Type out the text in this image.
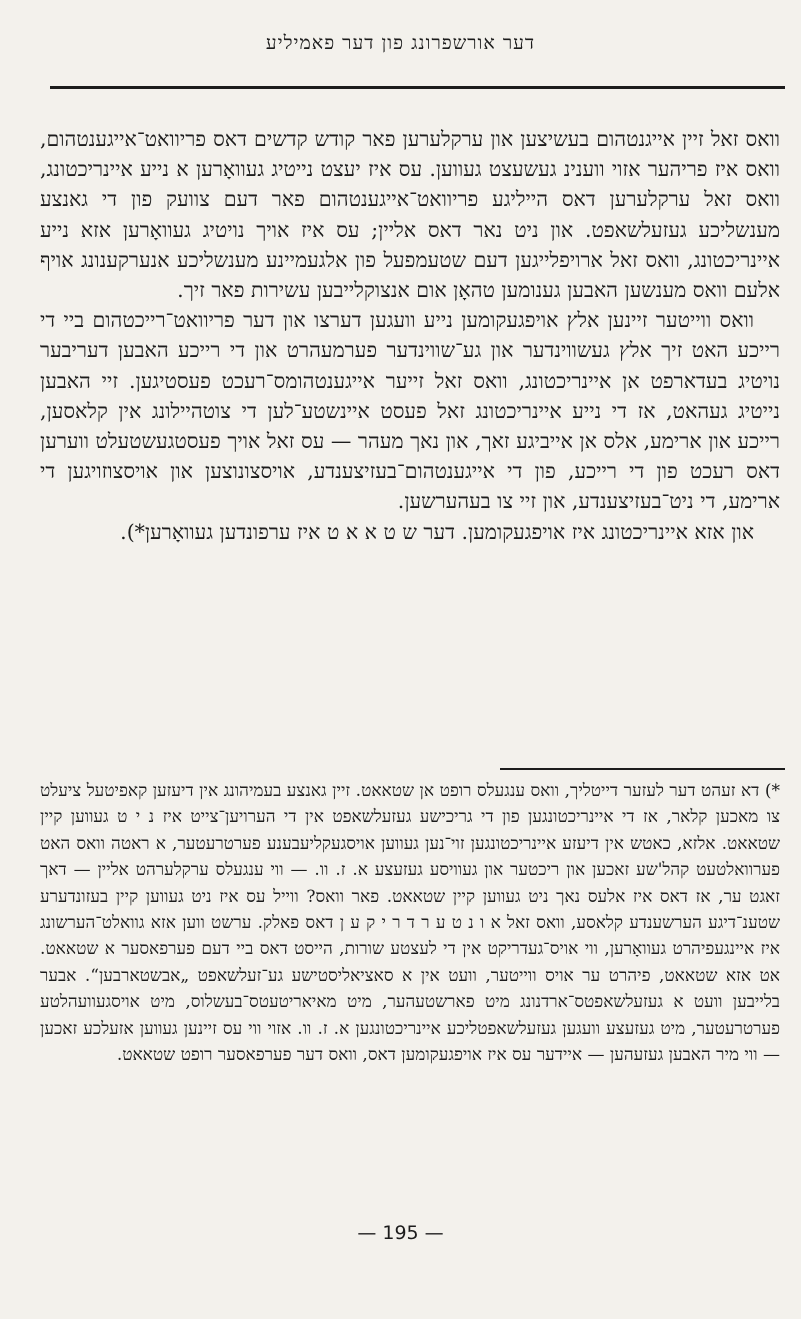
דער אורשפרונג פון דער פאמיליע

וואס זאל זיין אייגנטהום בעשיצען און ערקלערען פאר קודש קדשים דאס פריוואט־אייגענטהום, וואס איז פריהער אזוי ווענינ געשעצט געווען. עס איז יעצט נייטיג געוואָרען א נייע איינריכטונג, וואס זאל ערקלערען דאס הייליגע פריוואט־אייגענטהום פאר דעם צוועק פון די גאנצע מענשליכע געזעלשאפט. און ניט נאר דאס אליין; עס איז אויך נויטיג געוואָרען אזא נייע איינריכטונג, וואס זאל ארויפלייגען דעם שטעמפעל פון אלגעמיינע מענשליכע אנערקענונג אויף אלעם וואס מענשען האבען גענומען טהאָן אום אנצוקלייבען עשירות פאר זיך.

וואס ווייטער זיינען אלץ אויפגעקומען נייע וועגען דערצו און דער פריוואט־רייכטהום ביי די רייכע האט זיך אלץ געשווינדער און גע־שווינדער פערמעהרט און די רייכע האבען דעריבער נויטיג בעדארפט אן איינריכטונג, וואס זאל זייער אייגענטהומס־רעכט פעסטיגען. זיי האבען נייטיג געהאט, אז די נייע איינריכטונג זאל פעסט איינשטע־לען די צוטהיילונג אין קלאסען, רייכע און ארימע, אלס אן אייביגע זאך, און נאך מעהר — עס זאל אויך פעסטגעשטעלט ווערען דאס רעכט פון די רייכע, פון די אייגענטהום־בעזיצענדע, אויסצונוצען און אויסצוזויגען די ארימע, די ניט־בעזיצענדע, און זיי צו בעהערשען.

און אזא איינריכטונג איז אויפגעקומען. דער ש ט א א ט איז ערפונדען געוואָרען*).

*) דא זעהט דער לעזער דייטליך, וואס ענגעלס רופט אן שטאאט. זיין גאנצע בעמיהונג אין דיעזען קאפיטעל ציעלט צו מאכען קלאר, אז די איינריכטונגען פון די גריכישע געזעלשאפט אין די הערויען־צייט איז נ י ט געווען קיין שטאאט. אלזא, כאטש אין דיעזע איינריכטונגען זוי־נען געווען אויסגעקליעבענע פערטרעטער, א ראטה וואס האט פערוואלטעט קהל'שע זאכען און ריכטער און געוויסע געזעצע א. ז. וו. — ווי ענגעלס ערקלערהט אליין — דאך זאגט ער, אז דאס איז אלעס נאך ניט געווען קיין שטאאט. פאר וואס? ווייל עס איז ניט געווען קיין בעזונדערע שטענ־דיגע הערשענדע קלאסע, וואס זאל א ו נ ט ע ר ד ר י ק ע ן דאס פאלק. ערשט ווען אזא גוואלט־הערשונג איז איינגעפיהרט געוואָרען, ווי אויס־געדריקט אין די לעצטע שורות, הייסט דאס ביי דעם פערפאסער א שטאאט. אט אזא שטאאט, פיהרט ער אויס ווייטער, וועט אין א סאציאליסטישע גע־זעלשאפט „אבשטארבען“. אבער בלייבען וועט א געזעלשאפטס־ארדנונג מיט פארשטעהער, מיט מאיאריטעטס־בעשלוס, מיט אויסגעוועהלטע פערטרעטער, מיט געזעצע וועגען געזעלשאפטליכע איינריכטונגען א. ז. וו. אזוי ווי עס זיינען געווען אזעלכע זאכען — ווי מיר האבען געזעהען — איידער עס איז אויפגעקומען דאס, וואס דער פערפאסער רופט שטאאט.

— 195 —
